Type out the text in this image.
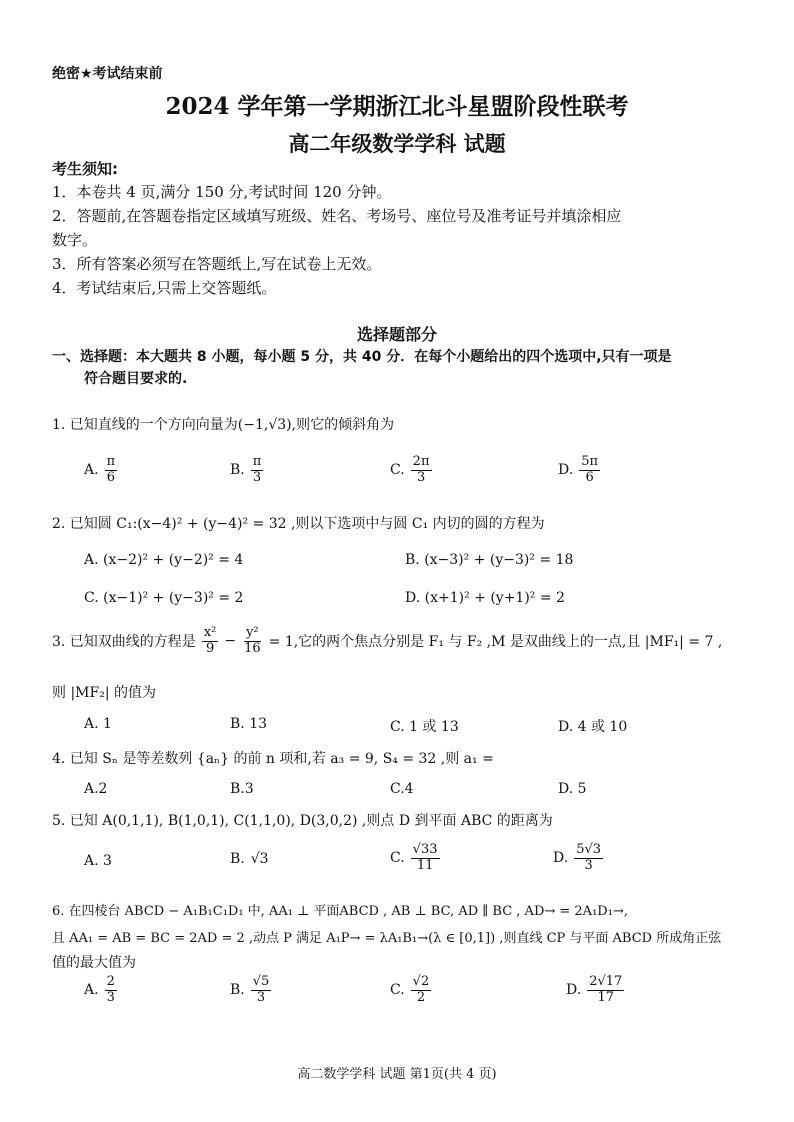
绝密★考试结束前
2024 学年第一学期浙江北斗星盟阶段性联考
高二年级数学学科 试题
考生须知:
1．本卷共 4 页,满分 150 分,考试时间 120 分钟。
2．答题前,在答题卷指定区域填写班级、姓名、考场号、座位号及准考证号并填涂相应
数字。
3．所有答案必须写在答题纸上,写在试卷上无效。
4．考试结束后,只需上交答题纸。
选择题部分
一、选择题：本大题共 8 小题，每小题 5 分，共 40 分．在每个小题给出的四个选项中,只有一项是
符合题目要求的.
1. 已知直线的一个方向向量为(−1,√3),则它的倾斜角为
A. $\frac{\pi}{6}$	B. $\frac{\pi}{3}$	C. $\frac{2\pi}{3}$	D. $\frac{5\pi}{6}$
2. 已知圆 C₁:(x−4)² + (y−4)² = 32 ,则以下选项中与圆 C₁ 内切的圆的方程为
A. (x−2)² + (y−2)² = 4	B. (x−3)² + (y−3)² = 18
C. (x−1)² + (y−3)² = 2	D. (x+1)² + (y+1)² = 2
3. 已知双曲线的方程是 $\frac{\text{x²}}{9} - \frac{\text{y²}}{16} = 1$,它的两个焦点分别是 F₁ 与 F₂ ,M 是双曲线上的一点,且 |MF₁| = 7 ,
则 |MF₂| 的值为
A. 1	B. 13	C. 1 或 13	D. 4 或 10
4. 已知 Sₙ 是等差数列 {aₙ} 的前 n 项和,若 a₃ = 9, S₄ = 32 ,则 a₁ =
A.2	B.3	C.4	D. 5
5. 已知 A(0,1,1), B(1,0,1), C(1,1,0), D(3,0,2) ,则点 D 到平面 ABC 的距离为
A. 3	B. √3	C. $\frac{√33}{11}$	D. $\frac{5√3}{3}$
6. 在四棱台 ABCD − A₁B₁C₁D₁ 中, AA₁ ⊥ 平面ABCD , AB ⊥ BC, AD ∥ BC , AD→ = 2A₁D₁→,
且 AA₁ = AB = BC = 2AD = 2 ,动点 P 满足 A₁P→ = λA₁B₁→(λ ∈ [0,1]) ,则直线 CP 与平面 ABCD 所成角正弦
值的最大值为
A. $\frac{2}{3}$	B. $\frac{√5}{3}$	C. $\frac{√2}{2}$	D. $\frac{2√17}{17}$
高二数学学科 试题 第1页(共 4 页)
